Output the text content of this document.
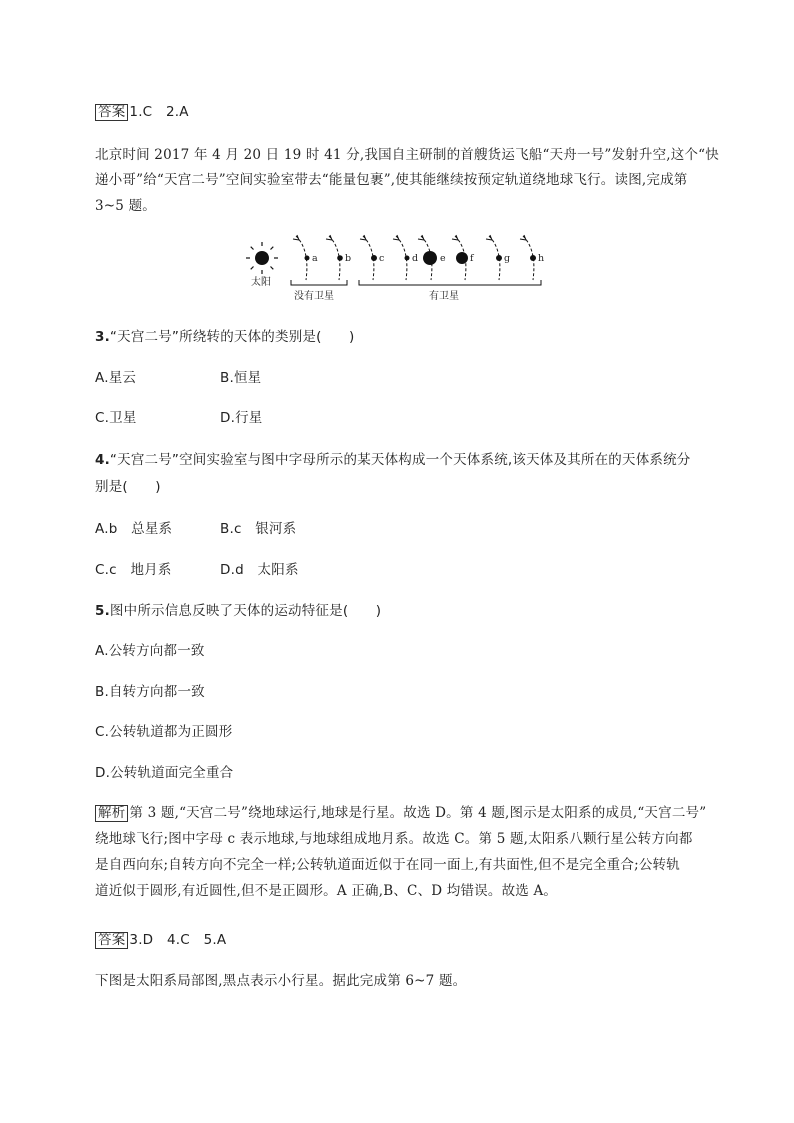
答案 1.C　2.A
北京时间 2017 年 4 月 20 日 19 时 41 分,我国自主研制的首艘货运飞船“天舟一号”发射升空,这个“快
递小哥”给“天宫二号”空间实验室带去“能量包裹”,使其能继续按预定轨道绕地球飞行。读图,完成第
3~5 题。
太阳
a	b	c	d e	f	g	h
没有卫星	有卫星
3.“天宫二号”所绕转的天体的类别是(　　)
A.星云	B.恒星
C.卫星	D.行星
4.“天宫二号”空间实验室与图中字母所示的某天体构成一个天体系统,该天体及其所在的天体系统分
别是(　　)
A.b　总星系	B.c　银河系
C.c　地月系	D.d　太阳系
5.图中所示信息反映了天体的运动特征是(　　)
A.公转方向都一致
B.自转方向都一致
C.公转轨道都为正圆形
D.公转轨道面完全重合
解析 第 3 题,“天宫二号”绕地球运行,地球是行星。故选 D。第 4 题,图示是太阳系的成员,“天宫二号”
绕地球飞行;图中字母 c 表示地球,与地球组成地月系。故选 C。第 5 题,太阳系八颗行星公转方向都
是自西向东;自转方向不完全一样;公转轨道面近似于在同一面上,有共面性,但不是完全重合;公转轨
道近似于圆形,有近圆性,但不是正圆形。A 正确,B、C、D 均错误。故选 A。
答案 3.D　4.C　5.A
下图是太阳系局部图,黑点表示小行星。据此完成第 6~7 题。
